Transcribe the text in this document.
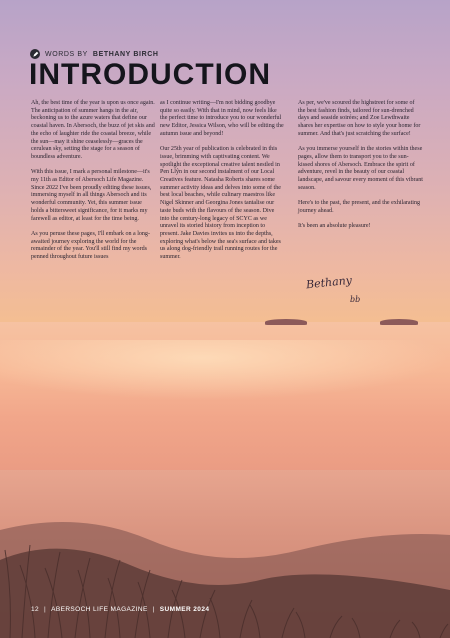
WORDS BY BETHANY BIRCH
INTRODUCTION

Ah, the best time of the year is upon us once again. The anticipation of summer hangs in the air, beckoning us to the azure waters that define our coastal haven. In Abersoch, the buzz of jet skis and the echo of laughter ride the coastal breeze, while the sun—may it shine ceaselessly—graces the cerulean sky, setting the stage for a season of boundless adventure.

With this issue, I mark a personal milestone—it's my 11th as Editor of Abersoch Life Magazine. Since 2022 I've been proudly editing these issues, immersing myself in all things Abersoch and its wonderful community. Yet, this summer issue holds a bittersweet significance, for it marks my farewell as editor, at least for the time being.

As you peruse these pages, I'll embark on a long-awaited journey exploring the world for the remainder of the year. You'll still find my words penned throughout future issues

as I continue writing—I'm not bidding goodbye quite so easily. With that in mind, now feels like the perfect time to introduce you to our wonderful new Editor, Jessica Wilson, who will be editing the autumn issue and beyond!

Our 25th year of publication is celebrated in this issue, brimming with captivating content. We spotlight the exceptional creative talent nestled in Pen Llŷn in our second instalment of our Local Creatives feature. Natasha Roberts shares some summer activity ideas and delves into some of the best local beaches, while culinary maestros like Nigel Skinner and Georgina Jones tantalise our taste buds with the flavours of the season. Dive into the century-long legacy of SCYC as we unravel its storied history from inception to present. Jake Davies invites us into the depths, exploring what's below the sea's surface and takes us along dog-friendly trail running routes for the summer.

As per, we've scoured the highstreet for some of the best fashion finds, tailored for sun-drenched days and seaside soirées; and Zoe Lewthwaite shares her expertise on how to style your home for summer. And that's just scratching the surface!

As you immerse yourself in the stories within these pages, allow them to transport you to the sun-kissed shores of Abersoch. Embrace the spirit of adventure, revel in the beauty of our coastal landscape, and savour every moment of this vibrant season.

Here's to the past, the present, and the exhilarating journey ahead.

It's been an absolute pleasure!

Bethany
bb
12 | ABERSOCH LIFE MAGAZINE | SUMMER 2024
